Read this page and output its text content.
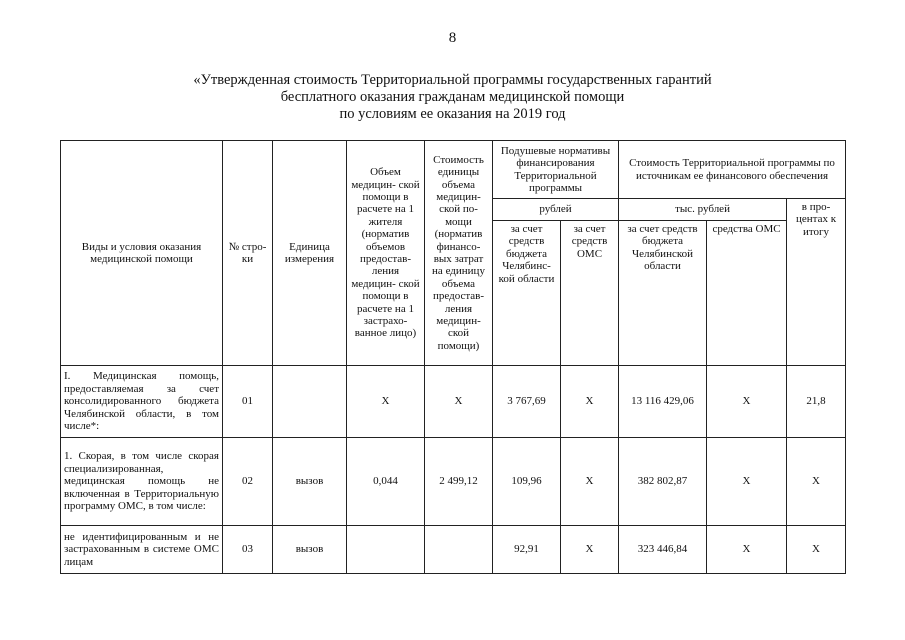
8
«Утвержденная стоимость Территориальной программы государственных гарантий
бесплатного оказания гражданам медицинской помощи
по условиям ее оказания на 2019 год
Виды и условия оказания медицинской помощи	№ стро- ки	Единица измерения	Объем медицин- ской помощи в расчете на 1 жителя (норматив объемов предостав- ления медицин- ской помощи в расчете на 1 застрахо- ванное лицо)	Стоимость единицы объема медицин- ской по- мощи (норматив финансо- вых затрат на единицу объема предостав- ления медицин- ской помощи)	Подушевые нормативы финансирования Территориальной программы		Стоимость Территориальной программы по источникам ее финансового обеспечения		
					рублей		тыс. рублей		в про- центах к итогу
					за счет средств бюджета Челябинс- кой области	за счет средств ОМС	за счет средств бюджета Челябинской области	средства ОМС	
I. Медицинская помощь, предоставляемая за счет консолидированного бюджета Челябинской области, в том числе*:	01		Х	Х	3 767,69	Х	13 116 429,06	Х	21,8
1. Скорая, в том числе скорая специализированная, медицинская помощь не включенная в Территориальную программу ОМС, в том числе:	02	вызов	0,044	2 499,12	109,96	Х	382 802,87	Х	Х
не идентифицированным и не застрахованным в системе ОМС лицам	03	вызов			92,91	Х	323 446,84	Х	Х
